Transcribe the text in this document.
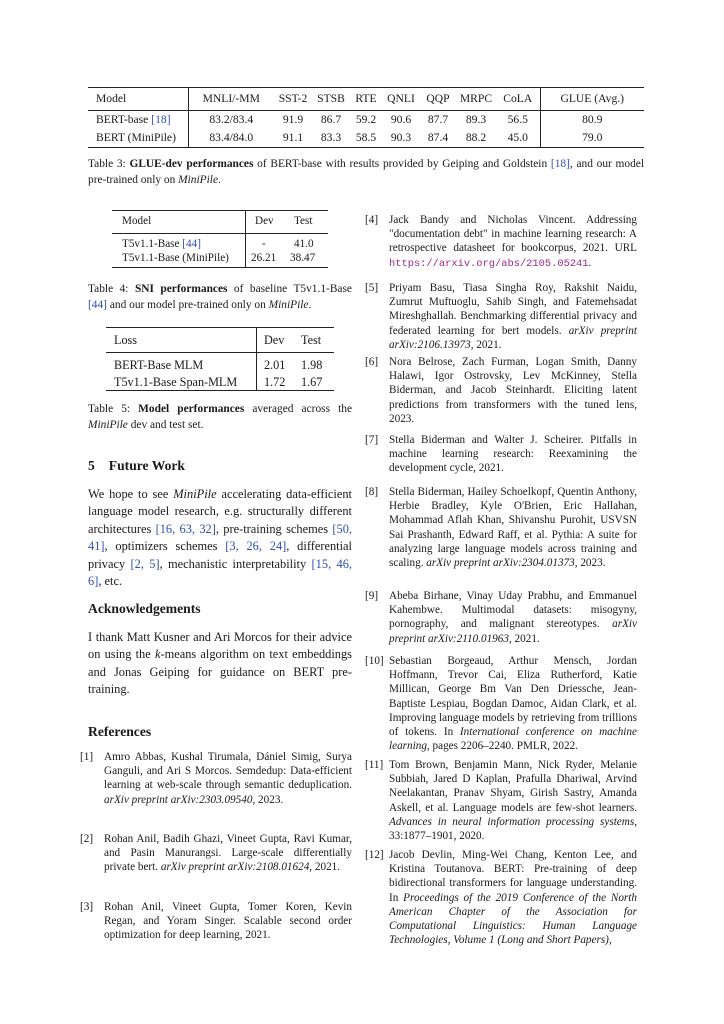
Model	MNLI/-MM	SST-2	STSB	RTE	QNLI	QQP	MRPC	CoLA	GLUE (Avg.)
BERT-base [18]	83.2/83.4	91.9	86.7	59.2	90.6	87.7	89.3	56.5	80.9
BERT (MiniPile)	83.4/84.0	91.1	83.3	58.5	90.3	87.4	88.2	45.0	79.0
Table 3: GLUE-dev performances of BERT-base with results provided by Geiping and Goldstein [18], and our model pre-trained only on MiniPile.
Model	Dev Test
T5v1.1-Base [44]	-	41.0
T5v1.1-Base (MiniPile) 26.21 38.47
Table 4: SNI performances of baseline T5v1.1-Base [44] and our model pre-trained only on MiniPile.
Loss	Dev Test
BERT-Base MLM	2.01 1.98
T5v1.1-Base Span-MLM 1.72 1.67
Table 5: Model performances averaged across the MiniPile dev and test set.
5 Future Work
We hope to see MiniPile accelerating data-efficient language model research, e.g. structurally different architectures [16, 63, 32], pre-training schemes [50, 41], optimizers schemes [3, 26, 24], differential privacy [2, 5], mechanistic interpretability [15, 46, 6], etc.
Acknowledgements
I thank Matt Kusner and Ari Morcos for their advice on using the k-means algorithm on text embeddings and Jonas Geiping for guidance on BERT pre-training.
References
[1] Amro Abbas, Kushal Tirumala, Dániel Simig, Surya Ganguli, and Ari S Morcos. Semdedup: Data-efficient learning at web-scale through semantic deduplication. arXiv preprint arXiv:2303.09540, 2023.
[2] Rohan Anil, Badih Ghazi, Vineet Gupta, Ravi Kumar, and Pasin Manurangsi. Large-scale differentially private bert. arXiv preprint arXiv:2108.01624, 2021.
[3] Rohan Anil, Vineet Gupta, Tomer Koren, Kevin Regan, and Yoram Singer. Scalable second order optimization for deep learning, 2021.
[4] Jack Bandy and Nicholas Vincent. Addressing "documentation debt" in machine learning research: A retrospective datasheet for bookcorpus, 2021. URL https://arxiv.org/abs/2105.05241.
[5] Priyam Basu, Tiasa Singha Roy, Rakshit Naidu, Zumrut Muftuoglu, Sahib Singh, and Fatemehsadat Mireshghallah. Benchmarking differential privacy and federated learning for bert models. arXiv preprint arXiv:2106.13973, 2021.
[6] Nora Belrose, Zach Furman, Logan Smith, Danny Halawi, Igor Ostrovsky, Lev McKinney, Stella Biderman, and Jacob Steinhardt. Eliciting latent predictions from transformers with the tuned lens, 2023.
[7] Stella Biderman and Walter J. Scheirer. Pitfalls in machine learning research: Reexamining the development cycle, 2021.
[8] Stella Biderman, Hailey Schoelkopf, Quentin Anthony, Herbie Bradley, Kyle O'Brien, Eric Hallahan, Mohammad Aflah Khan, Shivanshu Purohit, USVSN Sai Prashanth, Edward Raff, et al. Pythia: A suite for analyzing large language models across training and scaling. arXiv preprint arXiv:2304.01373, 2023.
[9] Abeba Birhane, Vinay Uday Prabhu, and Emmanuel Kahembwe. Multimodal datasets: misogyny, pornography, and malignant stereotypes. arXiv preprint arXiv:2110.01963, 2021.
[10] Sebastian Borgeaud, Arthur Mensch, Jordan Hoffmann, Trevor Cai, Eliza Rutherford, Katie Millican, George Bm Van Den Driessche, Jean-Baptiste Lespiau, Bogdan Damoc, Aidan Clark, et al. Improving language models by retrieving from trillions of tokens. In International conference on machine learning, pages 2206–2240. PMLR, 2022.
[11] Tom Brown, Benjamin Mann, Nick Ryder, Melanie Subbiah, Jared D Kaplan, Prafulla Dhariwal, Arvind Neelakantan, Pranav Shyam, Girish Sastry, Amanda Askell, et al. Language models are few-shot learners. Advances in neural information processing systems, 33:1877–1901, 2020.
[12] Jacob Devlin, Ming-Wei Chang, Kenton Lee, and Kristina Toutanova. BERT: Pre-training of deep bidirectional transformers for language understanding. In Proceedings of the 2019 Conference of the North American Chapter of the Association for Computational Linguistics: Human Language Technologies, Volume 1 (Long and Short Papers),
